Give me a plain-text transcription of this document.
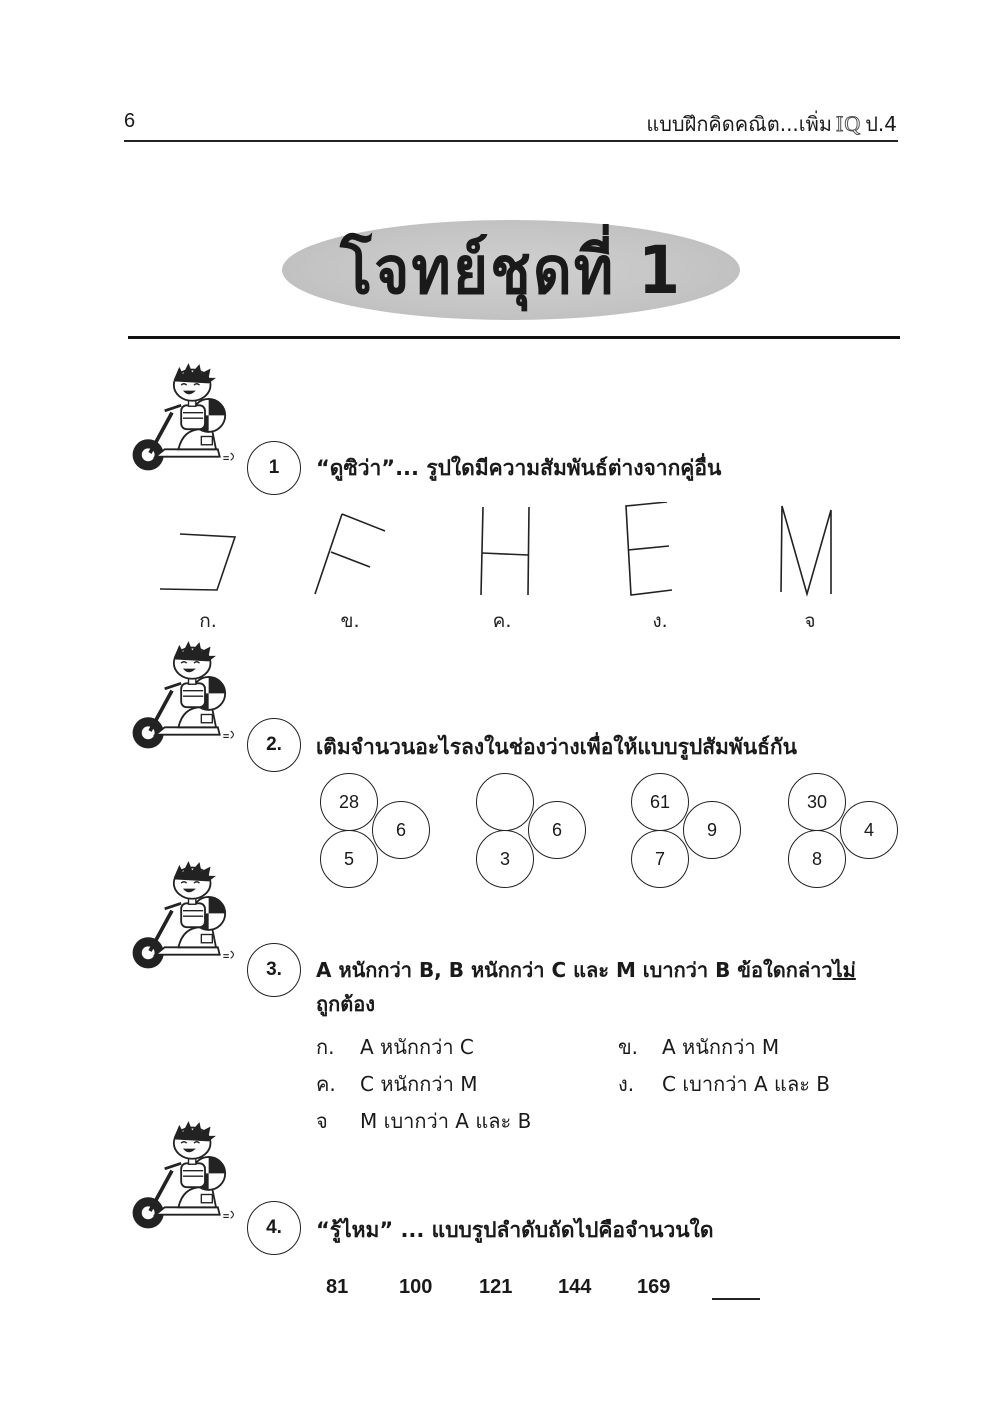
6	แบบฝึกคิดคณิต...เพิ่ม IQ ป.4
โจทย์ชุดที่ 1
1	“ดูซิว่า”... รูปใดมีความสัมพันธ์ต่างจากคู่อื่น
ก.	ข.	ค.	ง.	จ
2.	เติมจำนวนอะไรลงในช่องว่างเพื่อให้แบบรูปสัมพันธ์กัน
28
6
5
6
3
61
9
7
30
4
8
3.	A หนักกว่า B, B หนักกว่า C และ M เบากว่า B ข้อใดกล่าวไม่
ถูกต้อง
ก. A หนักกว่า C	ข. A หนักกว่า M
ค. C หนักกว่า M	ง. C เบากว่า A และ B
จ M เบากว่า A และ B
4.	“รู้ไหม” ... แบบรูปลำดับถัดไปคือจำนวนใด
81	100 121 144 169
